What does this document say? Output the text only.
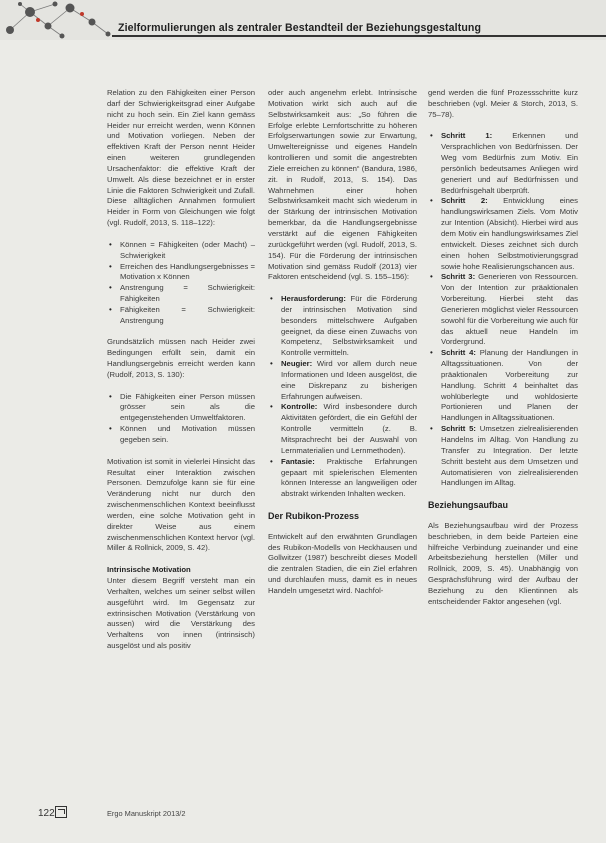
Zielformulierungen als zentraler Bestandteil der Beziehungsgestaltung

Relation zu den Fähigkeiten einer Person darf der Schwierigkeitsgrad einer Aufgabe nicht zu hoch sein. Ein Ziel kann gemäss Heider nur erreicht werden, wenn Können und Motivation vorliegen. Neben der effektiven Kraft der Person nennt Heider einen weiteren grundlegenden Ursachenfaktor: die effektive Kraft der Umwelt. Als diese bezeichnet er in erster Linie die Faktoren Schwierigkeit und Zufall. Diese alltäglichen Annahmen formuliert Heider in Form von Gleichungen wie folgt (vgl. Rudolf, 2013, S. 118–122):

• Können = Fähigkeiten (oder Macht) – Schwierigkeit
• Erreichen des Handlungsergebnisses = Motivation x Können
• Anstrengung = Schwierigkeit: Fähigkeiten
• Fähigkeiten = Schwierigkeit: Anstrengung

Grundsätzlich müssen nach Heider zwei Bedingungen erfüllt sein, damit ein Handlungsergebnis erreicht werden kann (Rudolf, 2013, S. 130):

• Die Fähigkeiten einer Person müssen grösser sein als die entgegenstehenden Umweltfaktoren.
• Können und Motivation müssen gegeben sein.

Motivation ist somit in vielerlei Hinsicht das Resultat einer Interaktion zwischen Personen. Demzufolge kann sie für eine Veränderung nicht nur durch den zwischenmenschlichen Kontext beeinflusst werden, eine solche Motivation geht in direkter Weise aus einem zwischenmenschlichen Kontext hervor (vgl. Miller & Rollnick, 2009, S. 42).

Intrinsische Motivation

Unter diesem Begriff versteht man ein Verhalten, welches um seiner selbst willen ausgeführt wird. Im Gegensatz zur extrinsischen Motivation (Verstärkung von aussen) wird die Verstärkung des Verhaltens von innen (intrinsisch) ausgelöst und als positiv

oder auch angenehm erlebt. Intrinsische Motivation wirkt sich auch auf die Selbstwirksamkeit aus: „So führen die Erfolge erlebte Lernfortschritte zu höheren Erfolgserwartungen sowie zur Erwartung, Umweltereignisse und eigenes Handeln kontrollieren und somit die angestrebten Ziele erreichen zu können“ (Bandura, 1986, zit. in Rudolf, 2013, S. 154). Das Wahrnehmen einer hohen Selbstwirksamkeit macht sich wiederum in der Stärkung der intrinsischen Motivation bemerkbar, da die Handlungsergebnisse verstärkt auf die eigenen Fähigkeiten zurückgeführt werden (vgl. Rudolf, 2013, S. 154). Für die Förderung der intrinsischen Motivation sind gemäss Rudolf (2013) vier Faktoren entscheidend (vgl. S. 155–156):

• Herausforderung: Für die Förderung der intrinsischen Motivation sind besonders mittelschwere Aufgaben geeignet, da diese einen Zuwachs von Kompetenz, Selbstwirksamkeit und Kontrolle vermitteln.
• Neugier: Wird vor allem durch neue Informationen und Ideen ausgelöst, die eine Diskrepanz zu bisherigen Erfahrungen aufweisen.
• Kontrolle: Wird insbesondere durch Aktivitäten gefördert, die ein Gefühl der Kontrolle vermitteln (z. B. Mitsprachrecht bei der Auswahl von Lernmaterialien und Lernmethoden).
• Fantasie: Praktische Erfahrungen gepaart mit spielerischen Elementen können Interesse an langweiligen oder abstrakt wirkenden Inhalten wecken.
Der Rubikon-Prozess

Entwickelt auf den erwähnten Grundlagen des Rubikon-Modells von Heckhausen und Gollwitzer (1987) beschreibt dieses Modell die zentralen Stadien, die ein Ziel erfahren und durchlaufen muss, damit es in neues Handeln umgesetzt wird. Nachfol-

gend werden die fünf Prozessschritte kurz beschrieben (vgl. Meier & Storch, 2013, S. 75–78).

• Schritt 1: Erkennen und Versprachlichen von Bedürfnissen. Der Weg vom Bedürfnis zum Motiv. Ein persönlich bedeutsames Anliegen wird generiert und auf Bedürfnissen und Bedürfnisgehalt überprüft.
• Schritt 2: Entwicklung eines handlungswirksamen Ziels. Vom Motiv zur Intention (Absicht). Hierbei wird aus dem Motiv ein handlungswirksames Ziel entwickelt. Dieses zeichnet sich durch einen hohen Selbstmotivierungsgrad sowie hohe Realisierungschancen aus.
• Schritt 3: Generieren von Ressourcen. Von der Intention zur präaktionalen Vorbereitung. Hierbei steht das Generieren möglichst vieler Ressourcen sowohl für die Vorbereitung wie auch für das aktuell neue Handeln im Vordergrund.
• Schritt 4: Planung der Handlungen in Alltagssituationen. Von der präaktionalen Vorbereitung zur Handlung. Schritt 4 beinhaltet das wohlüberlegte und wohldosierte Portionieren und Planen der Handlungen in Alltagssituationen.
• Schritt 5: Umsetzen zielrealisierenden Handelns im Alltag. Von Handlung zu Transfer zu Integration. Der letzte Schritt besteht aus dem Umsetzen und Automatisieren von zielrealisierenden Handlungen im Alltag.
Beziehungsaufbau

Als Beziehungsaufbau wird der Prozess beschrieben, in dem beide Parteien eine hilfreiche Verbindung zueinander und eine Arbeitsbeziehung herstellen (Miller und Rollnick, 2009, S. 45). Unabhängig von Gesprächsführung wird der Aufbau der Beziehung zu den Klientinnen als entscheidender Faktor angesehen (vgl.

122	Ergo Manuskript 2013/2
